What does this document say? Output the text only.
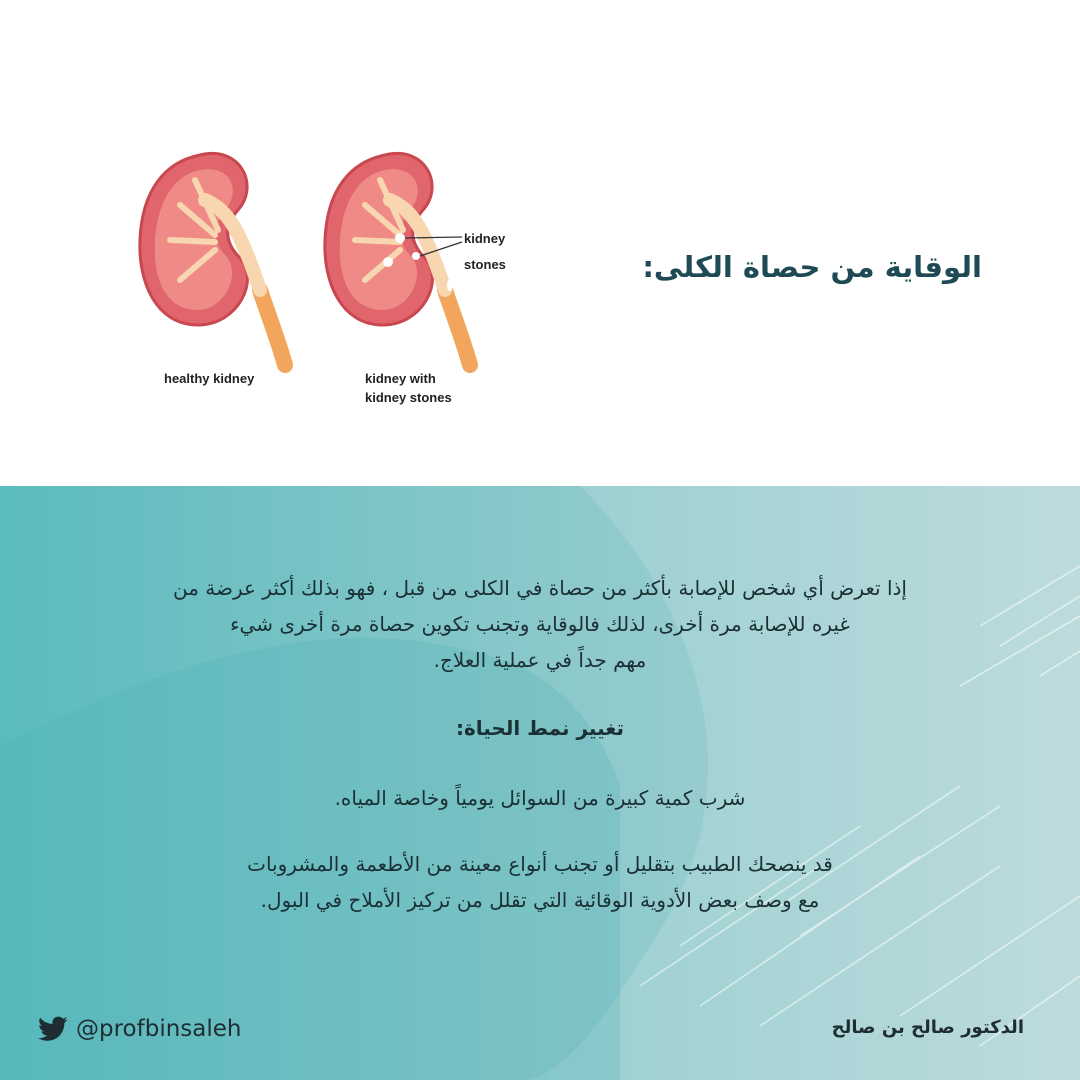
healthy kidney
kidney
stones
kidney with
kidney stones
الوقاية من حصاة الكلى:

إذا تعرض أي شخص للإصابة بأكثر من حصاة في الكلى من قبل ، فهو بذلك أكثر عرضة من

غيره للإصابة مرة أخرى، لذلك فالوقاية وتجنب تكوين حصاة مرة أخرى شيء

مهم جداً في عملية العلاج.

تغيير نمط الحياة:

شرب كمية كبيرة من السوائل يومياً وخاصة المياه.

قد ينصحك الطبيب بتقليل أو تجنب أنواع معينة من الأطعمة والمشروبات

مع وصف بعض الأدوية الوقائية التي تقلل من تركيز الأملاح في البول.

@profbinsaleh	الدكتور صالح بن صالح
